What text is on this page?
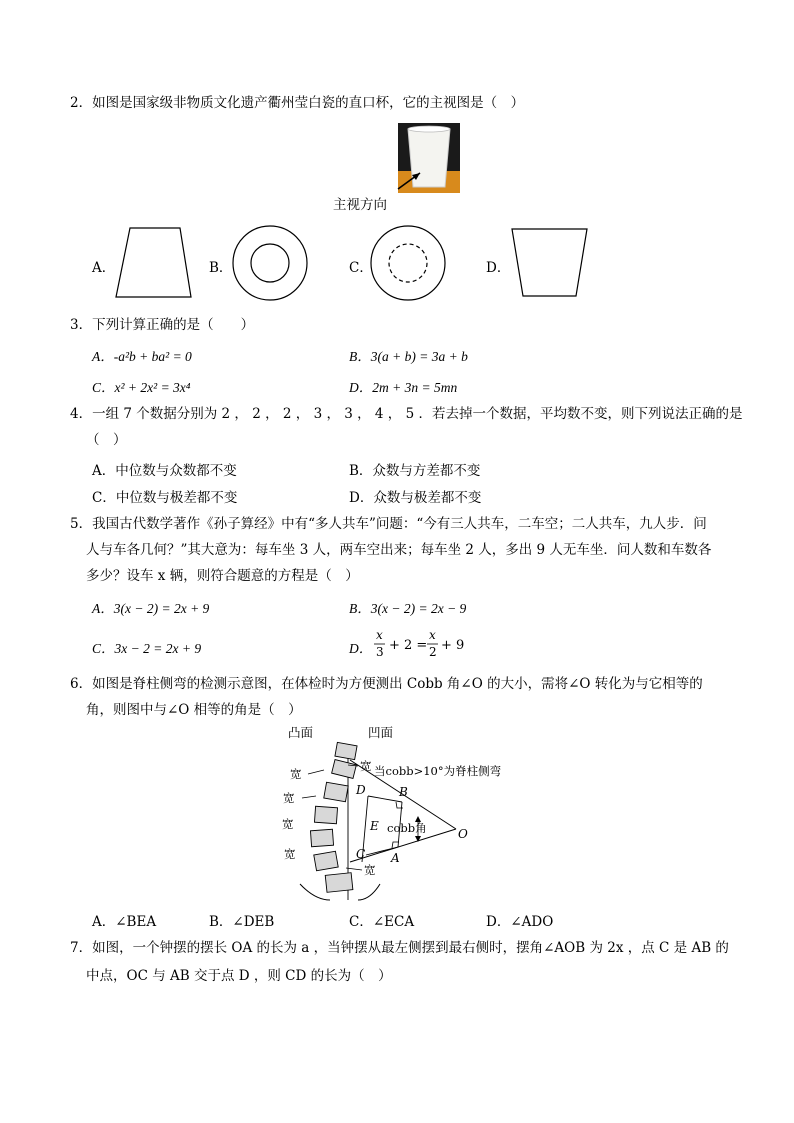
2．如图是国家级非物质文化遗产衢州莹白瓷的直口杯，它的主视图是（　）
主视方向
A．	B．	C．	D．
3．下列计算正确的是（　　）
A．-a²b + ba² = 0	B．3(a + b) = 3a + b
C．x² + 2x² = 3x⁴	D．2m + 3n = 5mn
4．一组 7 个数据分别为 2 ， 2 ， 2 ， 3 ， 3 ， 4 ， 5 ．若去掉一个数据，平均数不变，则下列说法正确的是
（　）
A．中位数与众数都不变	B．众数与方差都不变
C．中位数与极差都不变	D．众数与极差都不变
5．我国古代数学著作《孙子算经》中有“多人共车”问题：“今有三人共车，二车空；二人共车，九人步．问
人与车各几何？”其大意为：每车坐 3 人，两车空出来；每车坐 2 人，多出 9 人无车坐．问人数和车数各
多少？设车 x 辆，则符合题意的方程是（　）
A．3(x − 2) = 2x + 9	B．3(x − 2) = 2x − 9
C．3x − 2 = 2x + 9	D．
x
3 + 2 =
x
2 + 9
6．如图是脊柱侧弯的检测示意图，在体检时为方便测出 Cobb 角∠O 的大小，需将∠O 转化为与它相等的
角，则图中与∠O 相等的角是（　）
凸面	凹面
宽
宽
宽
宽
宽
宽
当cobb>10°为脊柱侧弯
D	B
E cobb角	O
C A
A．∠BEA	B．∠DEB	C．∠ECA	D．∠ADO
7．如图，一个钟摆的摆长 OA 的长为 a ，当钟摆从最左侧摆到最右侧时，摆角∠AOB 为 2x ，点 C 是 AB 的
中点，OC 与 AB 交于点 D ，则 CD 的长为（　）
